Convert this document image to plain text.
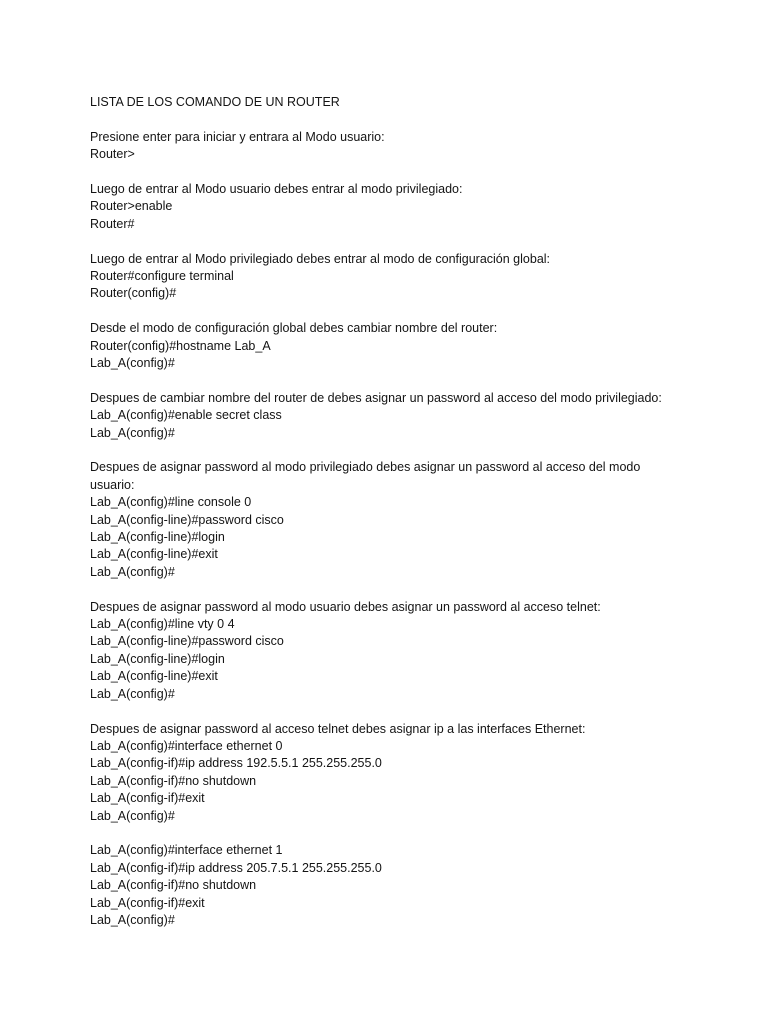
LISTA DE LOS COMANDO DE UN ROUTER
Presione enter para iniciar y entrara al Modo usuario:
Router>
Luego de entrar al Modo usuario debes entrar al modo privilegiado:
Router>enable
Router#
Luego de entrar al Modo privilegiado debes entrar al modo de configuración global:
Router#configure terminal
Router(config)#
Desde el modo de configuración global debes cambiar nombre del router:
Router(config)#hostname Lab_A
Lab_A(config)#
Despues de cambiar nombre del router de debes asignar un password al acceso del modo privilegiado:
Lab_A(config)#enable secret class
Lab_A(config)#
Despues de asignar password al modo privilegiado debes asignar un password al acceso del modo
usuario:
Lab_A(config)#line console 0
Lab_A(config-line)#password cisco
Lab_A(config-line)#login
Lab_A(config-line)#exit
Lab_A(config)#
Despues de asignar password al modo usuario debes asignar un password al acceso telnet:
Lab_A(config)#line vty 0 4
Lab_A(config-line)#password cisco
Lab_A(config-line)#login
Lab_A(config-line)#exit
Lab_A(config)#
Despues de asignar password al acceso telnet debes asignar ip a las interfaces Ethernet:
Lab_A(config)#interface ethernet 0
Lab_A(config-if)#ip address 192.5.5.1 255.255.255.0
Lab_A(config-if)#no shutdown
Lab_A(config-if)#exit
Lab_A(config)#
Lab_A(config)#interface ethernet 1
Lab_A(config-if)#ip address 205.7.5.1 255.255.255.0
Lab_A(config-if)#no shutdown
Lab_A(config-if)#exit
Lab_A(config)#
